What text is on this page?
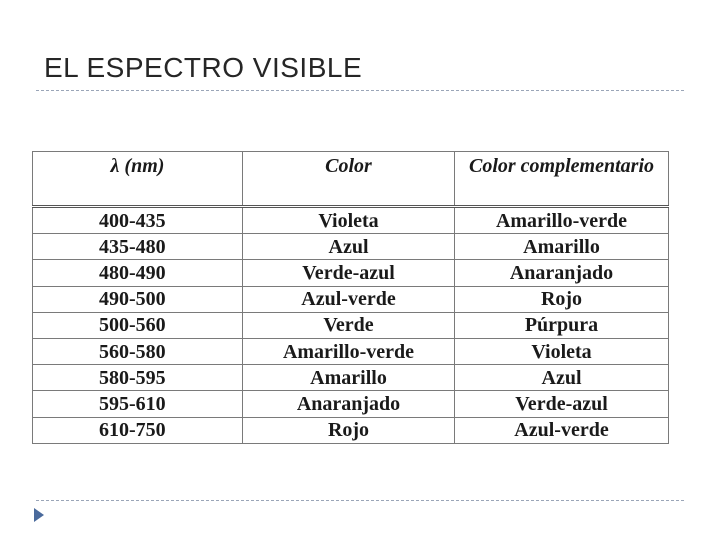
EL ESPECTRO VISIBLE
λ (nm)	Color	Color complementario
400-435	Violeta	Amarillo-verde
435-480	Azul	Amarillo
480-490	Verde-azul	Anaranjado
490-500	Azul-verde	Rojo
500-560	Verde	Púrpura
560-580	Amarillo-verde	Violeta
580-595	Amarillo	Azul
595-610	Anaranjado	Verde-azul
610-750	Rojo	Azul-verde
